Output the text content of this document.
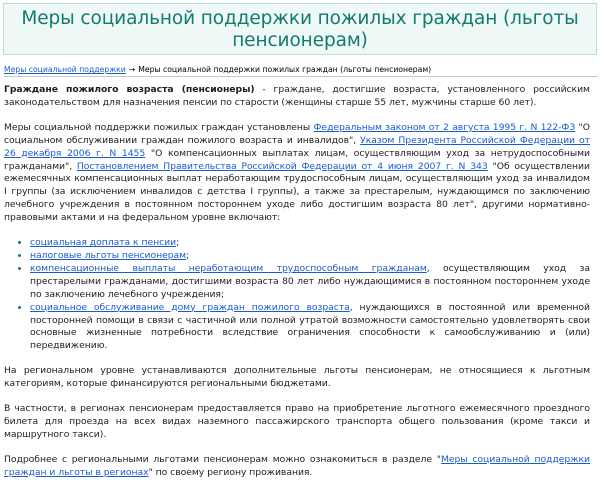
Меры социальной поддержки пожилых граждан (льготы пенсионерам)
Меры социальной поддержки → Меры социальной поддержки пожилых граждан (льготы пенсионерам)

Граждане пожилого возраста (пенсионеры) - граждане, достигшие возраста, установленного российским законодательством для назначения пенсии по старости (женщины старше 55 лет, мужчины старше 60 лет).

Меры социальной поддержки пожилых граждан установлены Федеральным законом от 2 августа 1995 г. N 122-ФЗ "О социальном обслуживании граждан пожилого возраста и инвалидов", Указом Президента Российской Федерации от 26 декабря 2006 г. N 1455 "О компенсационных выплатах лицам, осуществляющим уход за нетрудоспособными гражданами", Постановлением Правительства Российской Федерации от 4 июня 2007 г. N 343 "Об осуществлении ежемесячных компенсационных выплат неработающим трудоспособным лицам, осуществляющим уход за инвалидом I группы (за исключением инвалидов с детства I группы), а также за престарелым, нуждающимся по заключению лечебного учреждения в постоянном постороннем уходе либо достигшим возраста 80 лет", другими нормативно-правовыми актами и на федеральном уровне включают:

• социальная доплата к пенсии;
• налоговые льготы пенсионерам;
• компенсационные выплаты неработающим трудоспособным гражданам, осуществляющим уход за престарелыми гражданами, достигшими возраста 80 лет либо нуждающимися в постоянном постороннем уходе по заключению лечебного учреждения;
• социальное обслуживание дому граждан пожилого возраста, нуждающихся в постоянной или временной посторонней помощи в связи с частичной или полной утратой возможности самостоятельно удовлетворять свои основные жизненные потребности вследствие ограничения способности к самообслуживанию и (или) передвижению.

На региональном уровне устанавливаются дополнительные льготы пенсионерам, не относящиеся к льготным категориям, которые финансируются региональными бюджетами.

В частности, в регионах пенсионерам предоставляется право на приобретение льготного ежемесячного проездного билета для проезда на всех видах наземного пассажирского транспорта общего пользования (кроме такси и маршрутного такси).

Подробнее с региональными льготами пенсионерам можно ознакомиться в разделе "Меры социальной поддержки граждан и льготы в регионах" по своему региону проживания.
